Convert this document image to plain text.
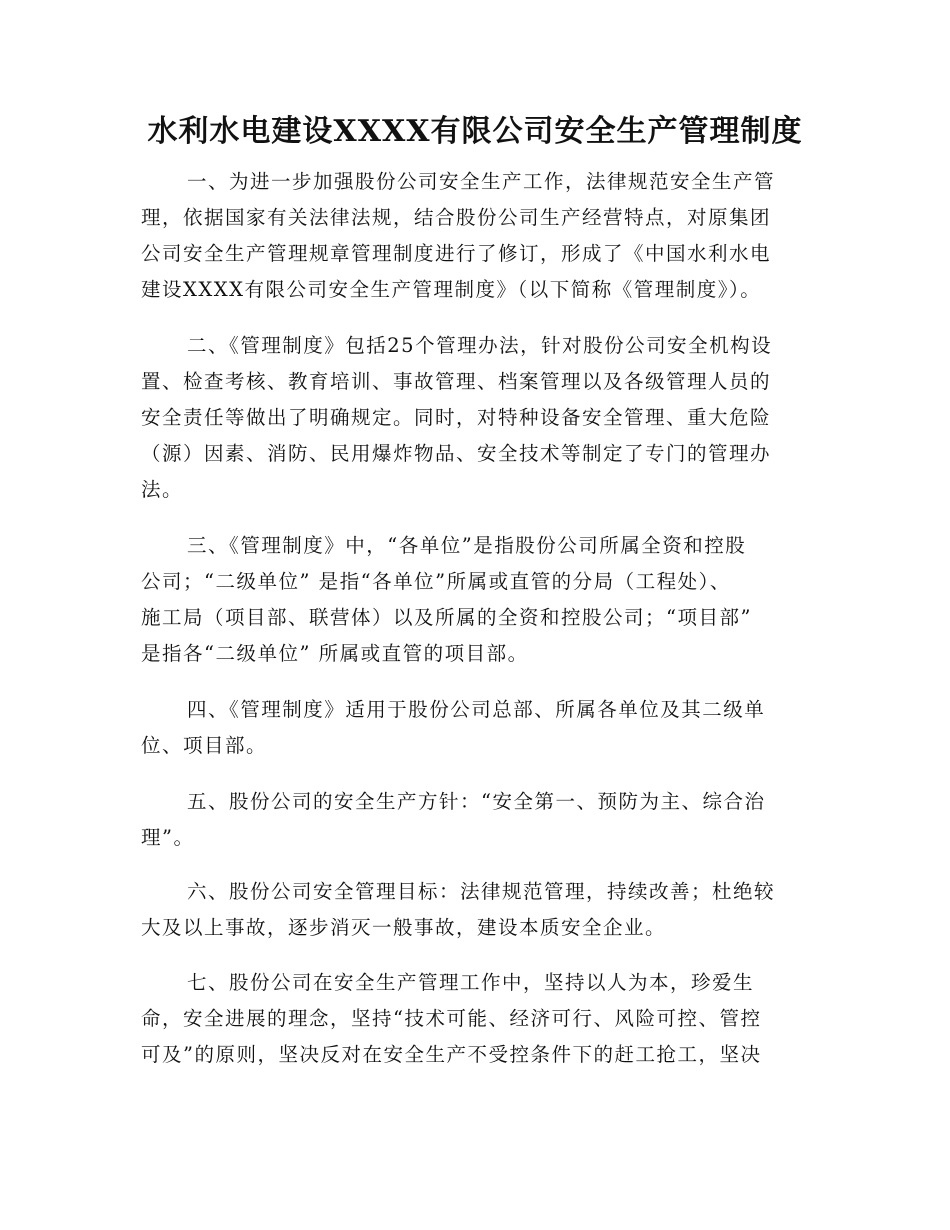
水利水电建设XXXX有限公司安全生产管理制度
一、为进一步加强股份公司安全生产工作，法律规范安全生产管
理，依据国家有关法律法规，结合股份公司生产经营特点，对原集团
公司安全生产管理规章管理制度进行了修订，形成了《中国水利水电
建设XXXX有限公司安全生产管理制度》（以下简称《管理制度》）。
二、《管理制度》包括25个管理办法，针对股份公司安全机构设
置、检查考核、教育培训、事故管理、档案管理以及各级管理人员的
安全责任等做出了明确规定。同时，对特种设备安全管理、重大危险
（源）因素、消防、民用爆炸物品、安全技术等制定了专门的管理办
法。
三、《管理制度》中，“各单位”是指股份公司所属全资和控股
公司；“二级单位” 是指“各单位”所属或直管的分局（工程处）、
施工局（项目部、联营体）以及所属的全资和控股公司；“项目部”
是指各“二级单位” 所属或直管的项目部。
四、《管理制度》适用于股份公司总部、所属各单位及其二级单
位、项目部。
五、股份公司的安全生产方针：“安全第一、预防为主、综合治
理”。
六、股份公司安全管理目标：法律规范管理，持续改善；杜绝较
大及以上事故，逐步消灭一般事故，建设本质安全企业。
七、股份公司在安全生产管理工作中，坚持以人为本，珍爱生
命，安全进展的理念，坚持“技术可能、经济可行、风险可控、管控
可及”的原则，坚决反对在安全生产不受控条件下的赶工抢工，坚决
